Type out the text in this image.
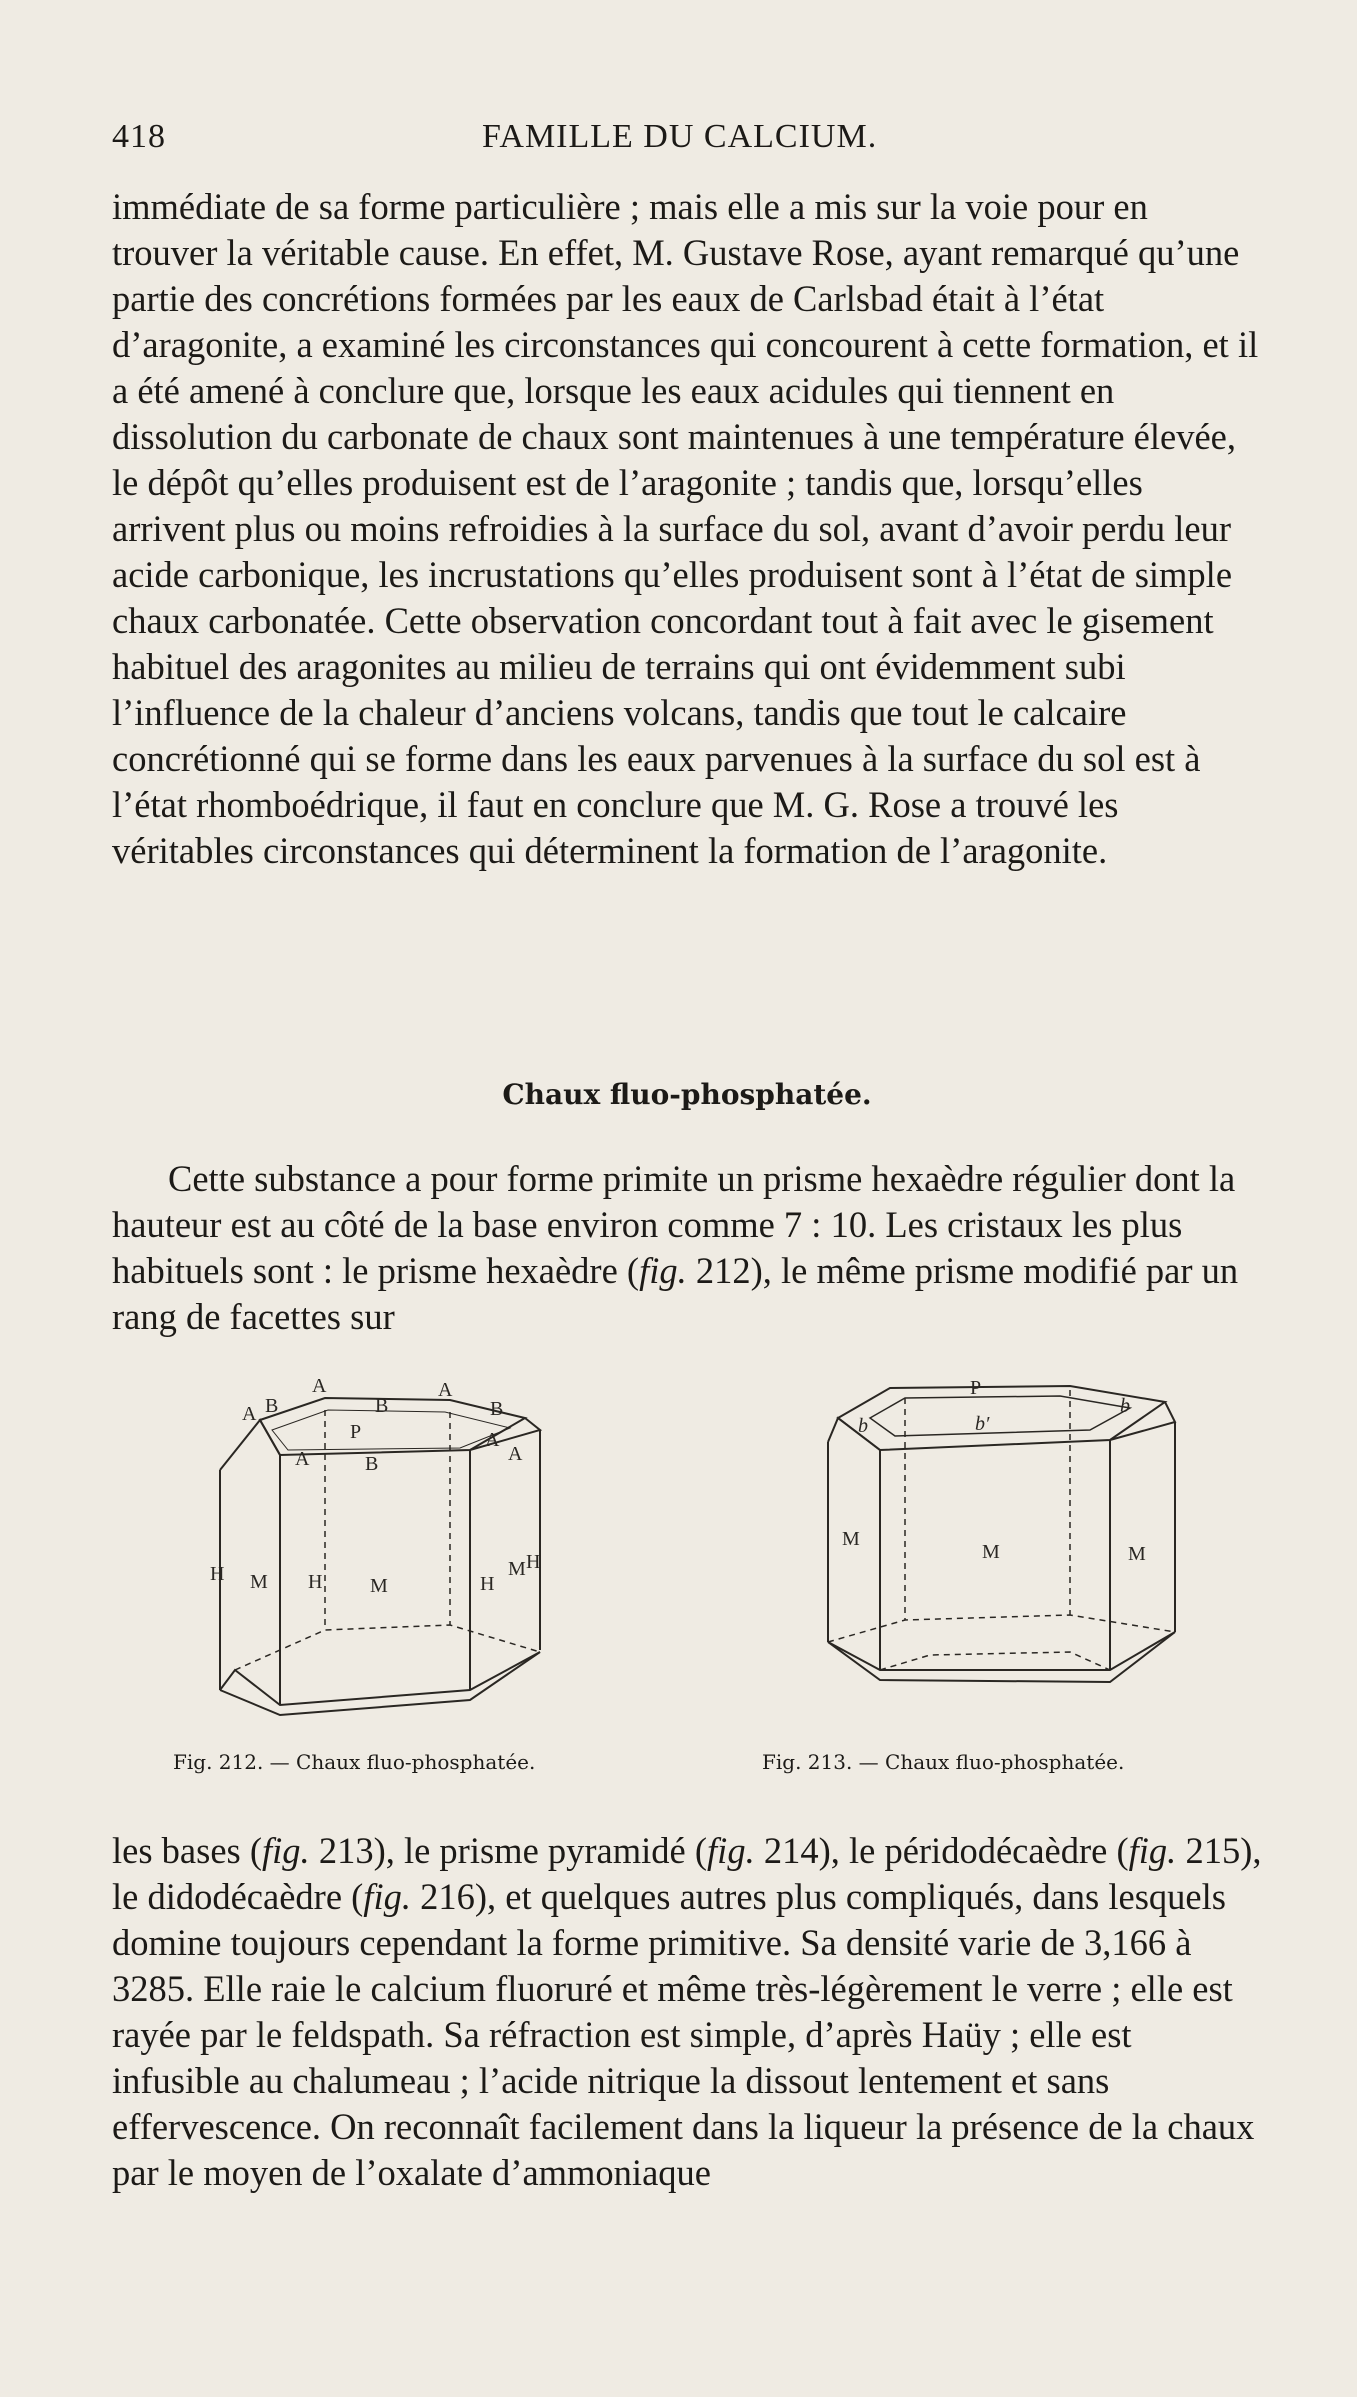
418	FAMILLE DU CALCIUM.

immédiate de sa forme particulière ; mais elle a mis sur la voie pour en trouver la véritable cause. En effet, M. Gustave Rose, ayant remarqué qu’une partie des concrétions formées par les eaux de Carlsbad était à l’état d’aragonite, a examiné les circonstances qui concourent à cette formation, et il a été amené à conclure que, lorsque les eaux acidules qui tiennent en dissolution du carbonate de chaux sont maintenues à une température élevée, le dépôt qu’elles produisent est de l’aragonite ; tandis que, lorsqu’elles arrivent plus ou moins refroidies à la surface du sol, avant d’avoir perdu leur acide carbonique, les incrustations qu’elles produisent sont à l’état de simple chaux carbonatée. Cette observation concordant tout à fait avec le gisement habituel des aragonites au milieu de terrains qui ont évidemment subi l’influence de la chaleur d’anciens volcans, tandis que tout le calcaire concrétionné qui se forme dans les eaux parvenues à la surface du sol est à l’état rhomboédrique, il faut en conclure que M. G. Rose a trouvé les véritables circonstances qui déterminent la formation de l’aragonite.

Chaux fluo-phosphatée.

Cette substance a pour forme primite un prisme hexaèdre régulier dont la hauteur est au côté de la base environ comme 7 : 10. Les cristaux les plus habituels sont : le prisme hexaèdre (fig. 212), le même prisme modifié par un rang de facettes sur

A	A
A B	B	B
P	A
A	B	A
H M H M	H
M H
Fig. 212. — Chaux fluo-phosphatée.
P
b	b′
b
M
M	M
Fig. 213. — Chaux fluo-phosphatée.

les bases (fig. 213), le prisme pyramidé (fig. 214), le péridodécaèdre (fig. 215), le didodécaèdre (fig. 216), et quelques autres plus compliqués, dans lesquels domine toujours cependant la forme primitive. Sa densité varie de 3,166 à 3285. Elle raie le calcium fluoruré et même très-légèrement le verre ; elle est rayée par le feldspath. Sa réfraction est simple, d’après Haüy ; elle est infusible au chalumeau ; l’acide nitrique la dissout lentement et sans effervescence. On reconnaît facilement dans la liqueur la présence de la chaux par le moyen de l’oxalate d’ammoniaque
